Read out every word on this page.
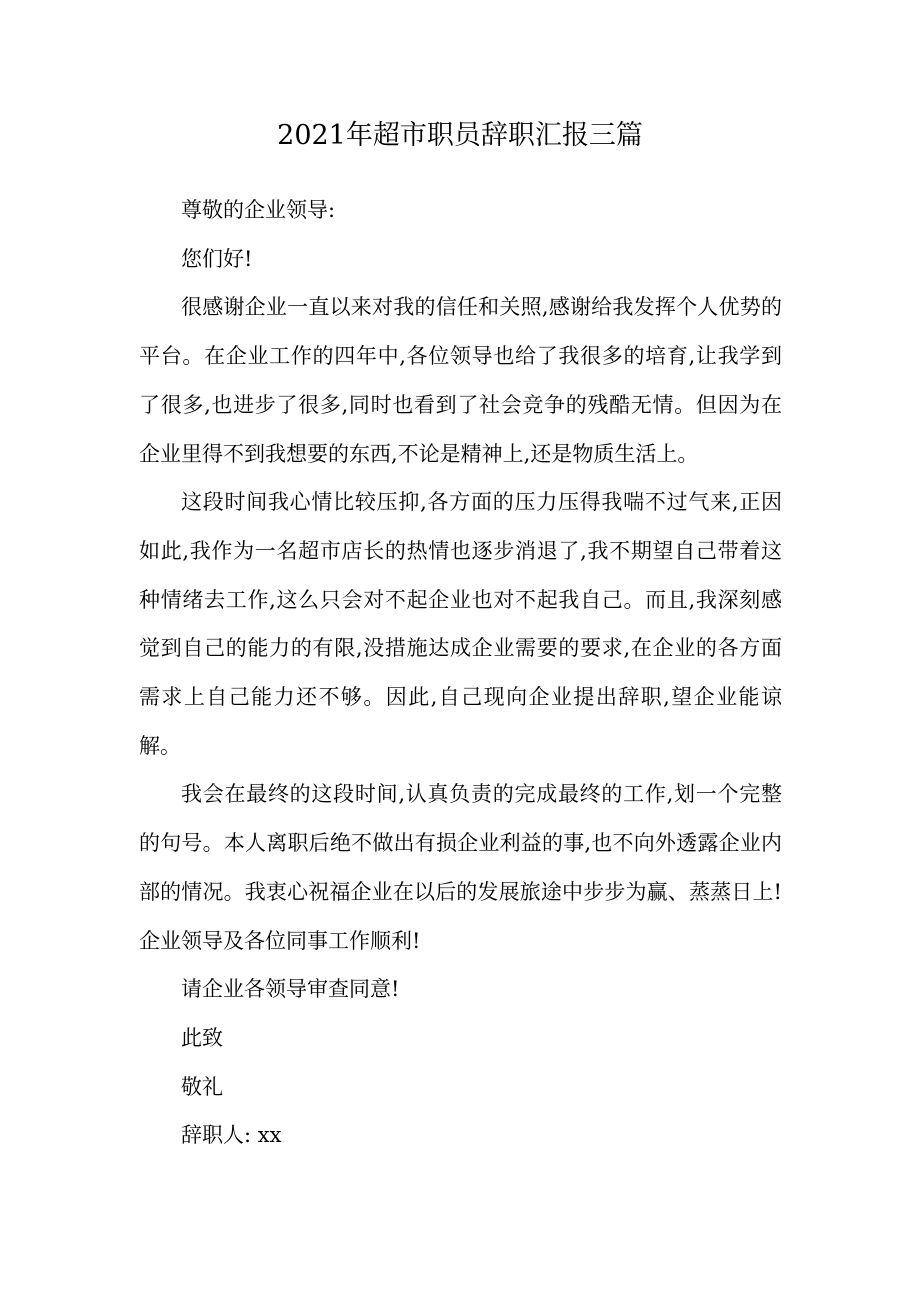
2021年超市职员辞职汇报三篇

尊敬的企业领导:

您们好!

很感谢企业一直以来对我的信任和关照,感谢给我发挥个人优势的平台。在企业工作的四年中,各位领导也给了我很多的培育,让我学到了很多,也进步了很多,同时也看到了社会竞争的残酷无情。但因为在企业里得不到我想要的东西,不论是精神上,还是物质生活上。

这段时间我心情比较压抑,各方面的压力压得我喘不过气来,正因如此,我作为一名超市店长的热情也逐步消退了,我不期望自己带着这种情绪去工作,这么只会对不起企业也对不起我自己。而且,我深刻感觉到自己的能力的有限,没措施达成企业需要的要求,在企业的各方面需求上自己能力还不够。因此,自己现向企业提出辞职,望企业能谅解。

我会在最终的这段时间,认真负责的完成最终的工作,划一个完整的句号。本人离职后绝不做出有损企业利益的事,也不向外透露企业内部的情况。我衷心祝福企业在以后的发展旅途中步步为赢、蒸蒸日上!企业领导及各位同事工作顺利!

请企业各领导审查同意!

此致

敬礼

辞职人: xx
